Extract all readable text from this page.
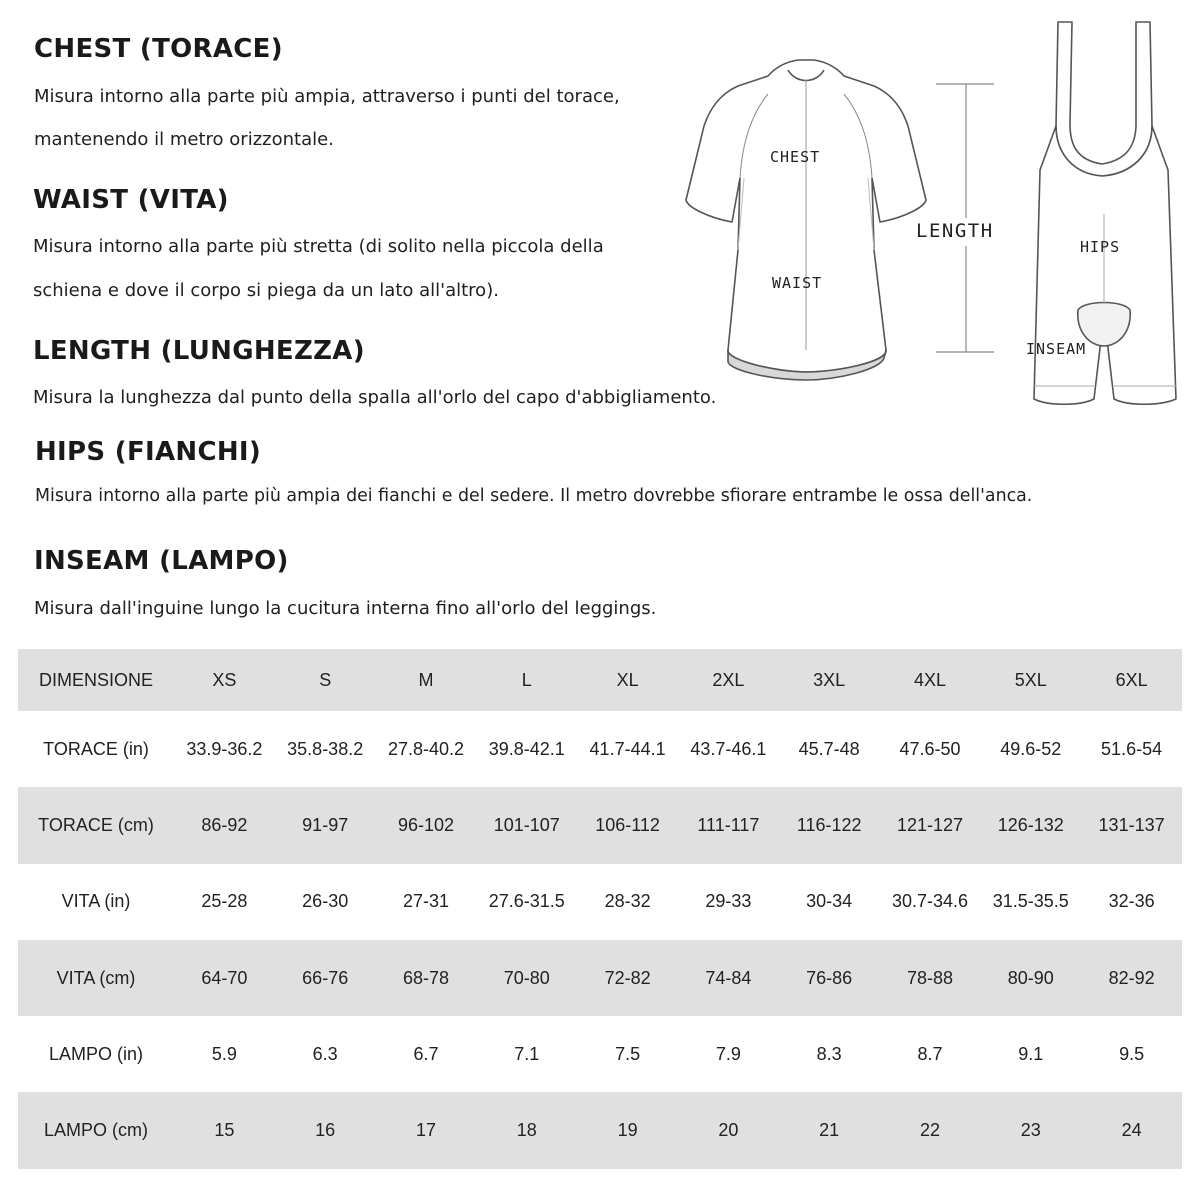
CHEST (TORACE)

Misura intorno alla parte più ampia, attraverso i punti del torace,

mantenendo il metro orizzontale.

WAIST (VITA)

Misura intorno alla parte più stretta (di solito nella piccola della

schiena e dove il corpo si piega da un lato all'altro).

LENGTH (LUNGHEZZA)

Misura la lunghezza dal punto della spalla all'orlo del capo d'abbigliamento.

HIPS (FIANCHI)

Misura intorno alla parte più ampia dei fianchi e del sedere. Il metro dovrebbe sfiorare entrambe le ossa dell'anca.

INSEAM (LAMPO)

Misura dall'inguine lungo la cucitura interna fino all'orlo del leggings.

CHEST
WAIST
LENGTH
HIPS
INSEAM
DIMENSIONE	XS	S	M	L	XL	2XL	3XL	4XL	5XL	6XL
TORACE (in)	33.9-36.2	35.8-38.2	27.8-40.2	39.8-42.1	41.7-44.1	43.7-46.1	45.7-48	47.6-50	49.6-52	51.6-54
TORACE (cm)	86-92	91-97	96-102	101-107	106-112	111-117	116-122	121-127	126-132	131-137
VITA (in)	25-28	26-30	27-31	27.6-31.5	28-32	29-33	30-34	30.7-34.6	31.5-35.5	32-36
VITA (cm)	64-70	66-76	68-78	70-80	72-82	74-84	76-86	78-88	80-90	82-92
LAMPO (in)	5.9	6.3	6.7	7.1	7.5	7.9	8.3	8.7	9.1	9.5
LAMPO (cm)	15	16	17	18	19	20	21	22	23	24
